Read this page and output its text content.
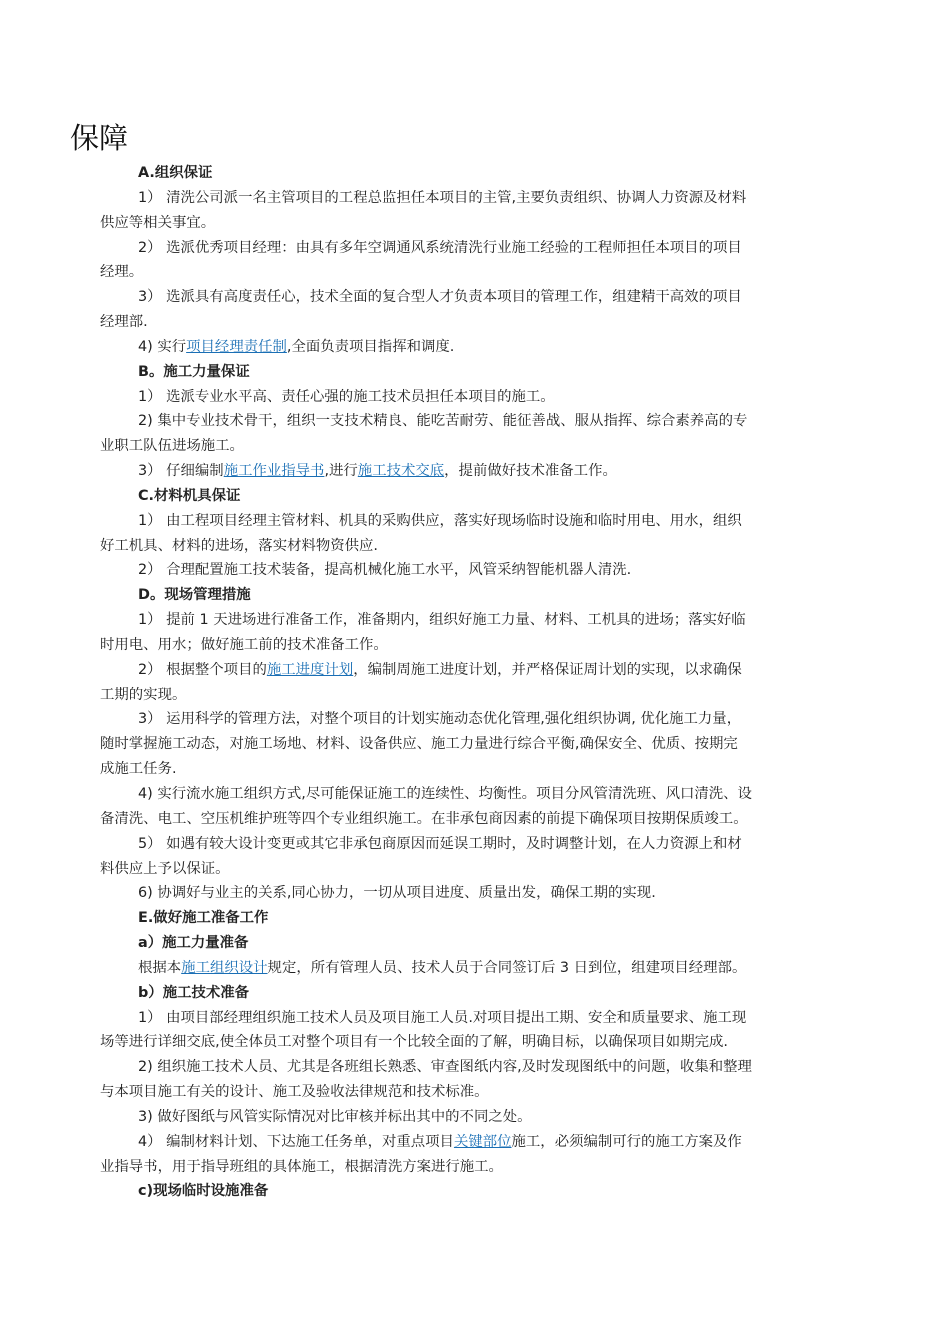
保障
A.组织保证
1） 清洗公司派一名主管项目的工程总监担任本项目的主管,主要负责组织、协调人力资源及材料
供应等相关事宜。
2） 选派优秀项目经理：由具有多年空调通风系统清洗行业施工经验的工程师担任本项目的项目
经理。
3） 选派具有高度责任心，技术全面的复合型人才负责本项目的管理工作，组建精干高效的项目
经理部.
4) 实行项目经理责任制,全面负责项目指挥和调度.
B。施工力量保证
1） 选派专业水平高、责任心强的施工技术员担任本项目的施工。
2) 集中专业技术骨干，组织一支技术精良、能吃苦耐劳、能征善战、服从指挥、综合素养高的专
业职工队伍进场施工。
3） 仔细编制施工作业指导书,进行施工技术交底，提前做好技术准备工作。
C.材料机具保证
1） 由工程项目经理主管材料、机具的采购供应，落实好现场临时设施和临时用电、用水，组织
好工机具、材料的进场，落实材料物资供应.
2） 合理配置施工技术装备，提高机械化施工水平，风管采纳智能机器人清洗.
D。现场管理措施
1） 提前 1 天进场进行准备工作，准备期内，组织好施工力量、材料、工机具的进场；落实好临
时用电、用水；做好施工前的技术准备工作。
2） 根据整个项目的施工进度计划，编制周施工进度计划，并严格保证周计划的实现，以求确保
工期的实现。
3） 运用科学的管理方法，对整个项目的计划实施动态优化管理,强化组织协调, 优化施工力量，
随时掌握施工动态，对施工场地、材料、设备供应、施工力量进行综合平衡,确保安全、优质、按期完
成施工任务.
4) 实行流水施工组织方式,尽可能保证施工的连续性、均衡性。项目分风管清洗班、风口清洗、设
备清洗、电工、空压机维护班等四个专业组织施工。在非承包商因素的前提下确保项目按期保质竣工。
5） 如遇有较大设计变更或其它非承包商原因而延误工期时，及时调整计划，在人力资源上和材
料供应上予以保证。
6) 协调好与业主的关系,同心协力，一切从项目进度、质量出发，确保工期的实现.
E.做好施工准备工作
a）施工力量准备
根据本施工组织设计规定，所有管理人员、技术人员于合同签订后 3 日到位，组建项目经理部。
b）施工技术准备
1） 由项目部经理组织施工技术人员及项目施工人员.对项目提出工期、安全和质量要求、施工现
场等进行详细交底,使全体员工对整个项目有一个比较全面的了解，明确目标，以确保项目如期完成.
2) 组织施工技术人员、尤其是各班组长熟悉、审查图纸内容,及时发现图纸中的问题，收集和整理
与本项目施工有关的设计、施工及验收法律规范和技术标准。
3) 做好图纸与风管实际情况对比审核并标出其中的不同之处。
4） 编制材料计划、下达施工任务单，对重点项目关键部位施工，必须编制可行的施工方案及作
业指导书，用于指导班组的具体施工，根据清洗方案进行施工。
c)现场临时设施准备
